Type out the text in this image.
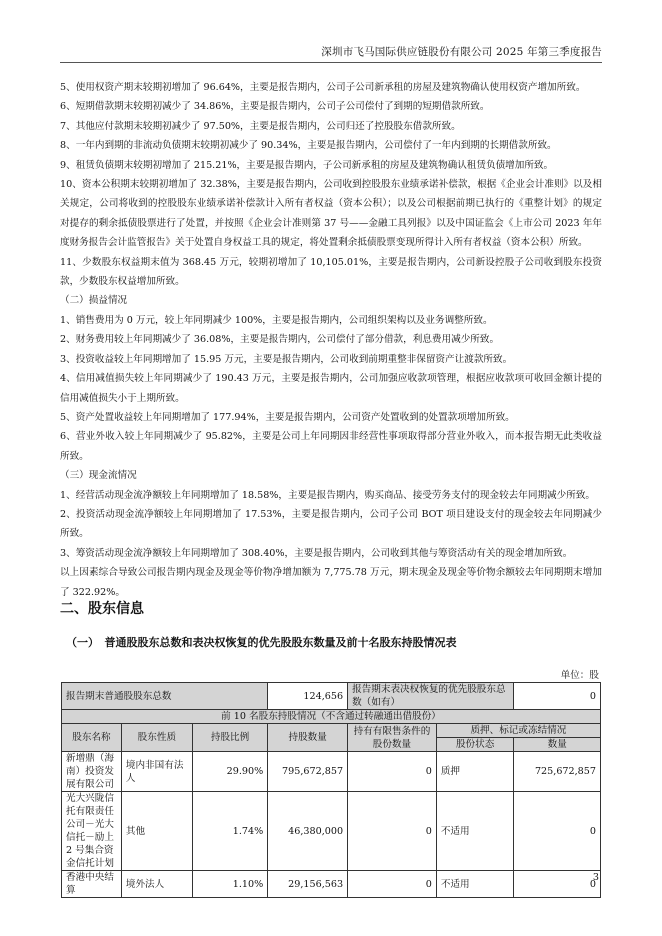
深圳市飞马国际供应链股份有限公司 2025 年第三季度报告

5、使用权资产期末较期初增加了 96.64%，主要是报告期内，公司子公司新承租的房屋及建筑物确认使用权资产增加所致。

6、短期借款期末较期初减少了 34.86%，主要是报告期内，公司子公司偿付了到期的短期借款所致。

7、其他应付款期末较期初减少了 97.50%，主要是报告期内，公司归还了控股股东借款所致。

8、一年内到期的非流动负债期末较期初减少了 90.34%，主要是报告期内，公司偿付了一年内到期的长期借款所致。

9、租赁负债期末较期初增加了 215.21%，主要是报告期内，子公司新承租的房屋及建筑物确认租赁负债增加所致。

10、资本公积期末较期初增加了 32.38%，主要是报告期内，公司收到控股股东业绩承诺补偿款，根据《企业会计准则》以及相关规定，公司将收到的控股股东业绩承诺补偿款计入所有者权益（资本公积）；以及公司根据前期已执行的《重整计划》的规定对提存的剩余抵债股票进行了处置，并按照《企业会计准则第 37 号——金融工具列报》以及中国证监会《上市公司 2023 年年度财务报告会计监管报告》关于处置自身权益工具的规定，将处置剩余抵债股票变现所得计入所有者权益（资本公积）所致。

11、少数股东权益期末值为 368.45 万元，较期初增加了 10,105.01%，主要是报告期内，公司新设控股子公司收到股东投资款，少数股东权益增加所致。

（二）损益情况

1、销售费用为 0 万元，较上年同期减少 100%，主要是报告期内，公司组织架构以及业务调整所致。

2、财务费用较上年同期减少了 36.08%，主要是报告期内，公司偿付了部分借款，利息费用减少所致。

3、投资收益较上年同期增加了 15.95 万元，主要是报告期内，公司收到前期重整非保留资产让渡款所致。

4、信用减值损失较上年同期减少了 190.43 万元，主要是报告期内，公司加强应收款项管理，根据应收款项可收回金额计提的信用减值损失小于上期所致。

5、资产处置收益较上年同期增加了 177.94%，主要是报告期内，公司资产处置收到的处置款项增加所致。

6、营业外收入较上年同期减少了 95.82%，主要是公司上年同期因非经营性事项取得部分营业外收入，而本报告期无此类收益所致。

（三）现金流情况

1、经营活动现金流净额较上年同期增加了 18.58%，主要是报告期内，购买商品、接受劳务支付的现金较去年同期减少所致。

2、投资活动现金流净额较上年同期增加了 17.53%，主要是报告期内，公司子公司 BOT 项目建设支付的现金较去年同期减少所致。

3、筹资活动现金流净额较上年同期增加了 308.40%，主要是报告期内，公司收到其他与筹资活动有关的现金增加所致。

以上因素综合导致公司报告期内现金及现金等价物净增加额为 7,775.78 万元，期末现金及现金等价物余额较去年同期期末增加了 322.92%。

二、股东信息
（一）　普通股股东总数和表决权恢复的优先股股东数量及前十名股东持股情况表
单位：股
报告期末普通股股东总数			124,656	报告期末表决权恢复的优先股股东总数（如有）		0
前 10 名股东持股情况（不含通过转融通出借股份）						
股东名称	股东性质	持股比例	持股数量	持有有限售条件的股份数量	质押、标记或冻结情况	
					股份状态	数量
新增鼎（海南）投资发展有限公司	境内非国有法人	29.90%	795,672,857	0	质押	725,672,857
光大兴陇信托有限责任公司－光大信托－励上 2 号集合资金信托计划	其他	1.74%	46,380,000	0	不适用	0
香港中央结算	境外法人	1.10%	29,156,563	0	不适用	0
3
